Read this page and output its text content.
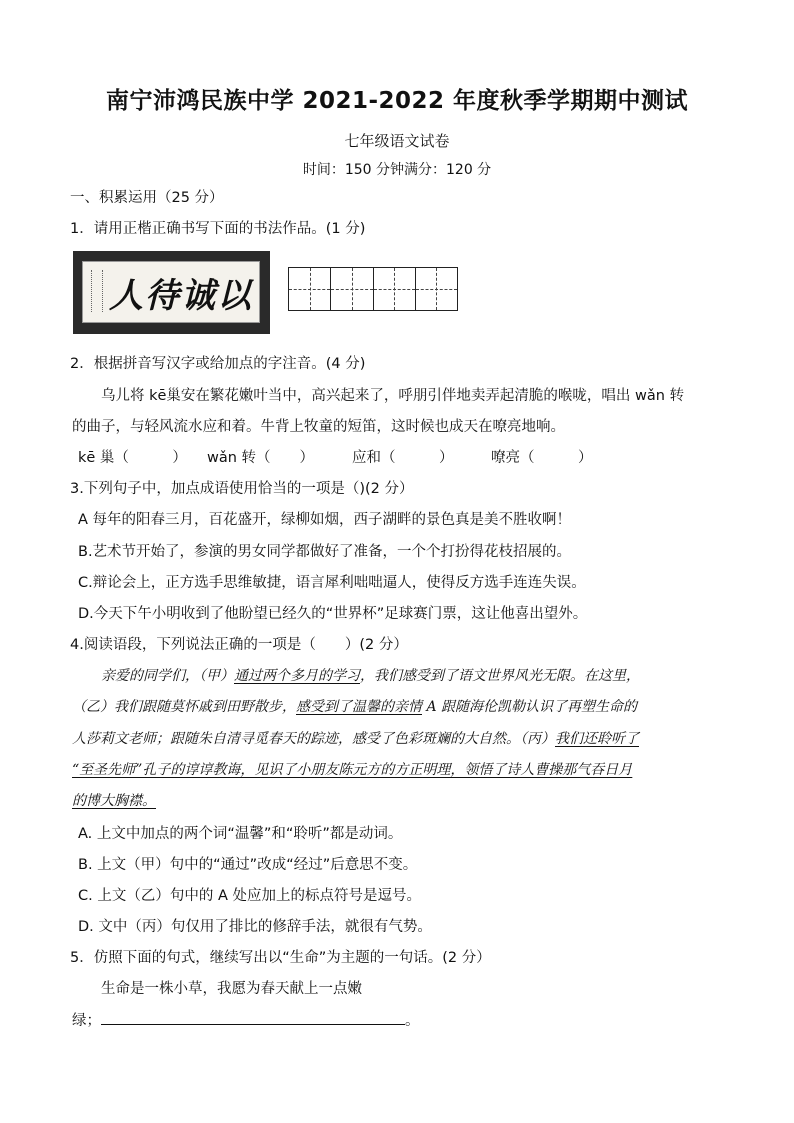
南宁沛鸿民族中学 2021-2022 年度秋季学期期中测试
七年级语文试卷
时间：150 分钟满分：120 分
一、积累运用（25 分）
1．请用正楷正确书写下面的书法作品。(1 分)
人待诚以
2．根据拼音写汉字或给加点的字注音。(4 分)
乌儿将 kē巢安在繁花嫩叶当中，高兴起来了，呼朋引伴地卖弄起清脆的喉咙，唱出 wǎn 转
的曲子，与轻风流水应和着。牛背上牧童的短笛，这时候也成天在嘹亮地响。
kē 巢（　　　） wǎn 转（　　）	应和（　　　）	嘹亮（　　　）
3.下列句子中，加点成语使用恰当的一项是（)(2 分）
A 每年的阳春三月，百花盛开，绿柳如烟，西子湖畔的景色真是美不胜收啊！
B.艺术节开始了，参演的男女同学都做好了准备，一个个打扮得花枝招展的。
C.辩论会上，正方选手思维敏捷，语言犀利咄咄逼人，使得反方选手连连失误。
D.今天下午小明收到了他盼望已经久的“世界杯”足球赛门票，这让他喜出望外。
4.阅读语段，下列说法正确的一项是（　　）(2 分）
亲爱的同学们，（甲）通过两个多月的学习，我们感受到了语文世界风光无限。在这里，
（乙）我们跟随莫怀戚到田野散步，感受到了温馨的亲情 A 跟随海伦凯勒认识了再塑生命的
人莎莉文老师；跟随朱自清寻觅春天的踪迹，感受了色彩斑斓的大自然。（丙）我们还聆听了
“至圣先师”孔子的谆谆教诲，见识了小朋友陈元方的方正明理，领悟了诗人曹操那气吞日月
的博大胸襟。
A. 上文中加点的两个词“温馨”和“聆听”都是动词。
B. 上文（甲）句中的“通过”改成“经过”后意思不变。
C. 上文（乙）句中的 A 处应加上的标点符号是逗号。
D. 文中（丙）句仅用了排比的修辞手法，就很有气势。
5．仿照下面的句式，继续写出以“生命”为主题的一句话。(2 分）
生命是一株小草，我愿为春天献上一点嫩
绿；	。
